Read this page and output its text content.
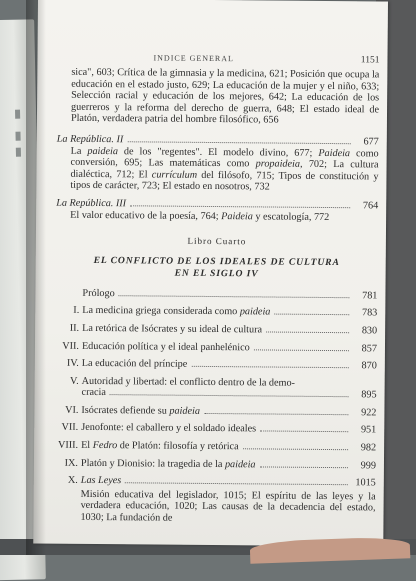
INDICE GENERAL	1151

sica", 603; Crítica de la gimnasia y la medicina, 621; Posición que ocupa la educación en el estado justo, 629; La educación de la mujer y el niño, 633; Selección racial y educación de los mejores, 642; La educación de los guerreros y la reforma del derecho de guerra, 648; El estado ideal de Platón, verdadera patria del hombre filosófico, 656

La República. II	677

La paideia de los "regentes". El modelo divino, 677; Paideia como conversión, 695; Las matemáticas como propaideia, 702; La cultura dialéctica, 712; El currículum del filósofo, 715; Tipos de constitución y tipos de carácter, 723; El estado en nosotros, 732

La República. III	764

El valor educativo de la poesía, 764; Paideia y escatología, 772

Libro Cuarto
EL CONFLICTO DE LOS IDEALES DE CULTURA
EN EL SIGLO IV
Prólogo	781
I. La medicina griega considerada como paideia	783
II. La retórica de Isócrates y su ideal de cultura	830
VII. Educación política y el ideal panhelénico	857
IV. La educación del príncipe	870
V. Autoridad y libertad: el conflicto dentro de la demo-
cracia	895
VI. Isócrates defiende su paideia	922
VII. Jenofonte: el caballero y el soldado ideales	951
VIII. El Fedro de Platón: filosofía y retórica	982
IX. Platón y Dionisio: la tragedia de la paideia	999
X. Las Leyes	1015

Misión educativa del legislador, 1015; El espíritu de las leyes y la verdadera educación, 1020; Las causas de la decadencia del estado, 1030; La fundación de
